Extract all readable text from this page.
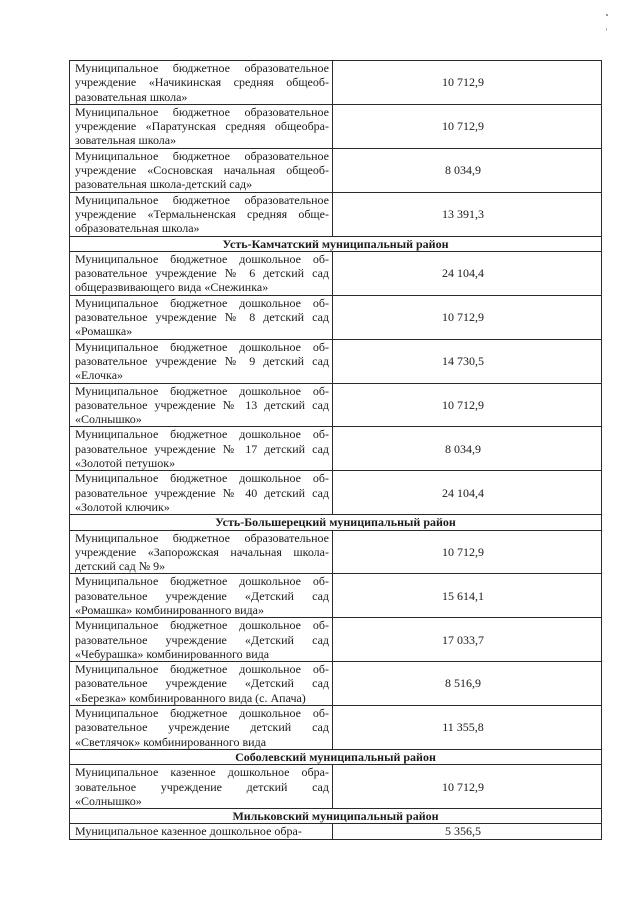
Муниципальное бюджетное образовательное
учреждение «Начикинская средняя общеоб-
разовательная школа»	10 712,9

Муниципальное бюджетное образовательное
учреждение «Паратунская средняя общеобра-
зовательная школа»	10 712,9

Муниципальное бюджетное образовательное
учреждение «Сосновская начальная общеоб-
разовательная школа-детский сад»	8 034,9

Муниципальное бюджетное образовательное
учреждение «Термальненская средняя обще-
образовательная школа»	13 391,3
Усть-Камчатский муниципальный район	

Муниципальное бюджетное дошкольное об-
разовательное учреждение № 6 детский сад
общеразвивающего вида «Снежинка»	24 104,4

Муниципальное бюджетное дошкольное об-
разовательное учреждение № 8 детский сад
«Ромашка»	10 712,9

Муниципальное бюджетное дошкольное об-
разовательное учреждение № 9 детский сад
«Елочка»	14 730,5

Муниципальное бюджетное дошкольное об-
разовательное учреждение № 13 детский сад
«Солнышко»	10 712,9

Муниципальное бюджетное дошкольное об-
разовательное учреждение № 17 детский сад
«Золотой петушок»	8 034,9

Муниципальное бюджетное дошкольное об-
разовательное учреждение № 40 детский сад
«Золотой ключик»	24 104,4
Усть-Большерецкий муниципальный район	

Муниципальное бюджетное образовательное
учреждение «Запорожская начальная школа-
детский сад № 9»	10 712,9

Муниципальное бюджетное дошкольное об-
разовательное учреждение «Детский сад
«Ромашка» комбинированного вида»	15 614,1

Муниципальное бюджетное дошкольное об-
разовательное учреждение «Детский сад
«Чебурашка» комбинированного вида	17 033,7

Муниципальное бюджетное дошкольное об-
разовательное учреждение «Детский сад
«Березка» комбинированного вида (с. Апача)	8 516,9

Муниципальное бюджетное дошкольное об-
разовательное учреждение детский сад
«Светлячок» комбинированного вида	11 355,8
Соболевский муниципальный район	

Муниципальное казенное дошкольное обра-
зовательное учреждение детский сад
«Солнышко»	10 712,9
Мильковский муниципальный район	

Муниципальное казенное дошкольное обра-	5 356,5
